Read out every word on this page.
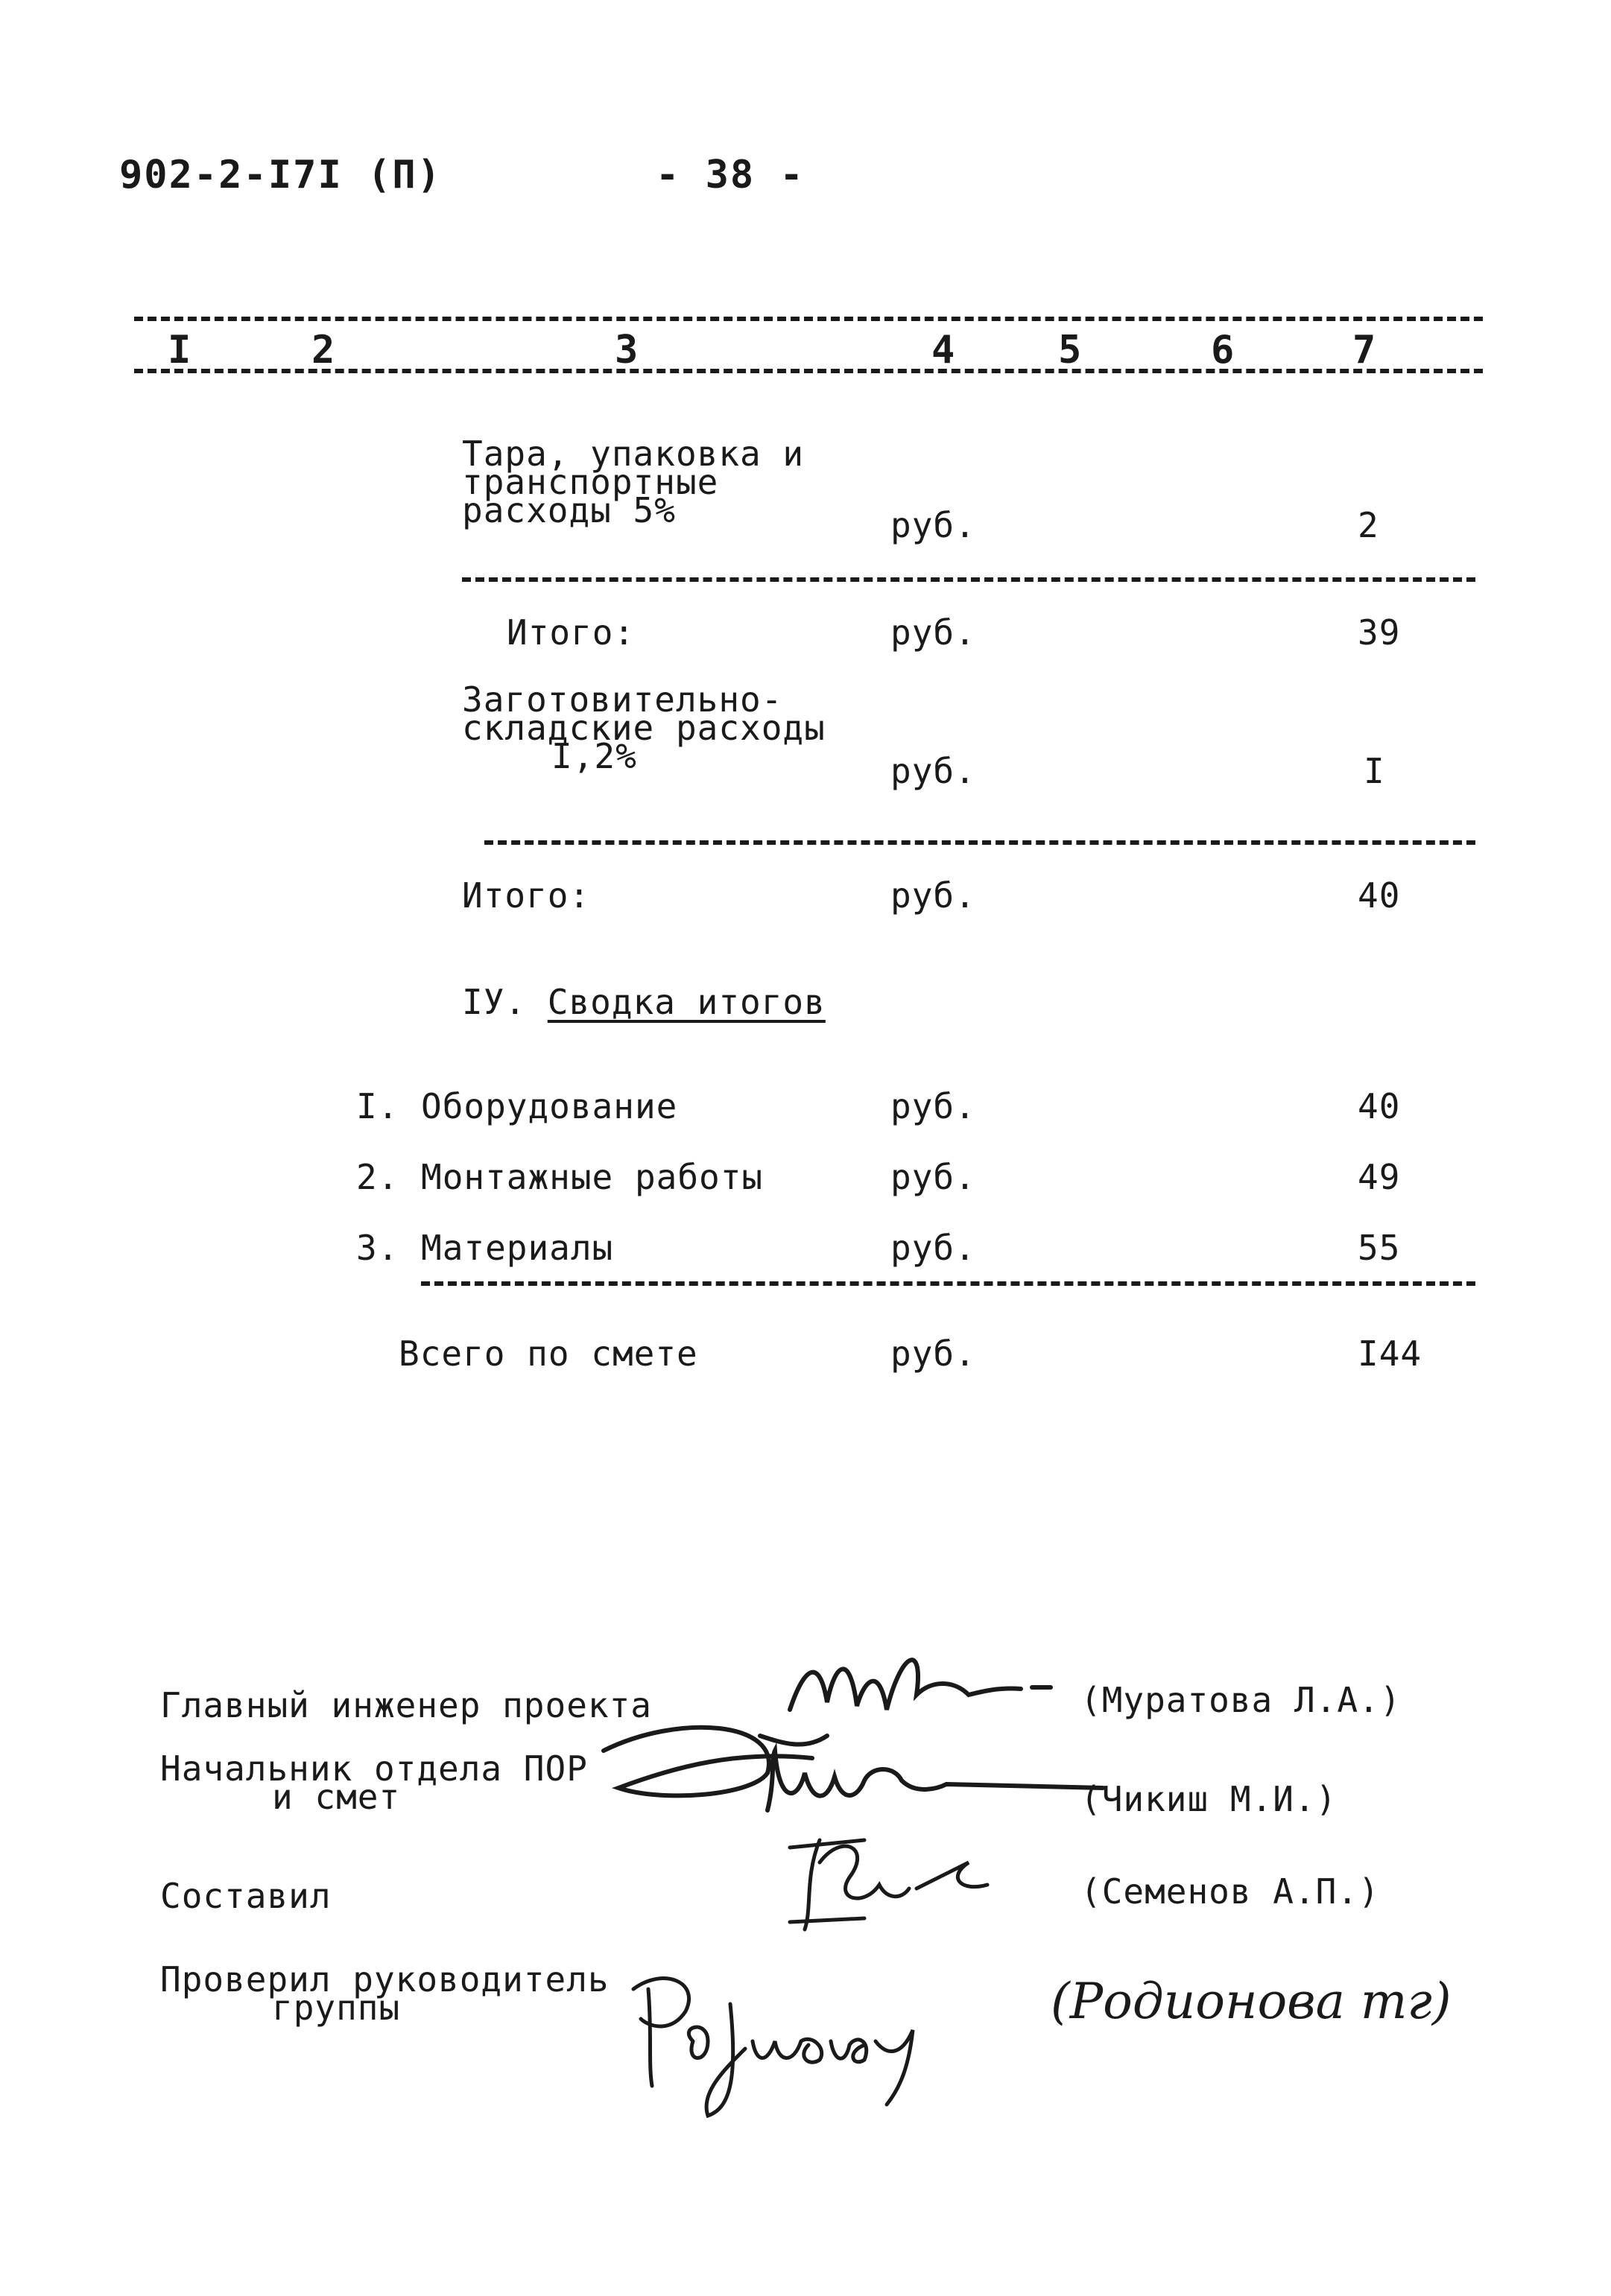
902-2-I7I (П)	- 38 -
I	2	3	4	5	6	7
Тара, упаковка и
транспортные
расходы 5%	руб.	2
Итого:	руб.	39
Заготовительно-
складские расходы
I,2%	руб.	I
Итого:	руб.	40
IУ. Сводка итогов
I. Оборудование	руб.	40
2. Монтажные работы	руб.	49
3. Материалы	руб.	55
Всего по смете	руб.	I44
Главный инженер проекта	(Муратова Л.А.)
Начальник отдела ПОР
и смет	(Чикиш М.И.)
Составил	(Семенов А.П.)
Проверил руководитель
группы	(Родионова тг)
